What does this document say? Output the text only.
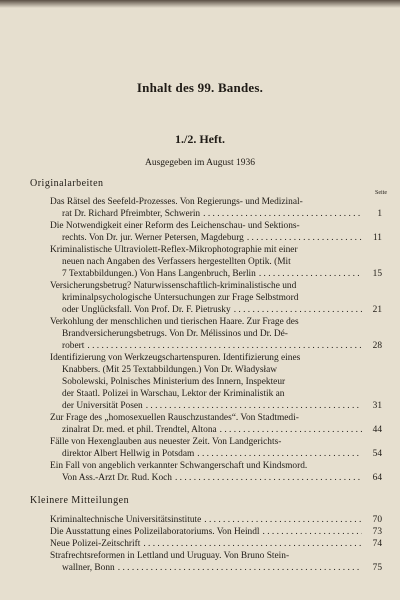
Inhalt des 99. Bandes.
1./2. Heft.
Ausgegeben im August 1936
Originalarbeiten
Seite
Das Rätsel des Seefeld-Prozesses. Von Regierungs- und Medizinal-
rat Dr. Richard Pfreimbter, Schwerin . . .	1
Die Notwendigkeit einer Reform des Leichenschau- und Sektions-
rechts. Von Dr. jur. Werner Petersen, Magdeburg . . .	11
Kriminalistische Ultraviolett-Reflex-Mikrophotographie mit einer
neuen nach Angaben des Verfassers hergestellten Optik. (Mit
7 Textabbildungen.) Von Hans Langenbruch, Berlin . . .	15
Versicherungsbetrug? Naturwissenschaftlich-kriminalistische und
kriminalpsychologische Untersuchungen zur Frage Selbstmord
oder Unglücksfall. Von Prof. Dr. F. Pietrusky . . .	21
Verkohlung der menschlichen und tierischen Haare. Zur Frage des
Brandversicherungsbetrugs. Von Dr. Mélissinos und Dr. Dé-
robert . . .	28
Identifizierung von Werkzeugschartenspuren. Identifizierung eines
Knabbers. (Mit 25 Textabbildungen.) Von Dr. Władysław
Sobolewski, Polnisches Ministerium des Innern, Inspekteur
der Staatl. Polizei in Warschau, Lektor der Kriminalistik an
der Universität Posen . . .	31
Zur Frage des „homosexuellen Rauschzustandes“. Von Stadtmedi-
zinalrat Dr. med. et phil. Trendtel, Altona . . .	44
Fälle von Hexenglauben aus neuester Zeit. Von Landgerichts-
direktor Albert Hellwig in Potsdam . . .	54
Ein Fall von angeblich verkannter Schwangerschaft und Kindsmord.
Von Ass.-Arzt Dr. Rud. Koch . . .	64
Kleinere Mitteilungen
Kriminaltechnische Universitätsinstitute . . .	70
Die Ausstattung eines Polizeilaboratoriums. Von Heindl . . .	73
Neue Polizei-Zeitschrift . . .	74
Strafrechtsreformen in Lettland und Uruguay. Von Bruno Stein-
wallner, Bonn . . .	75
